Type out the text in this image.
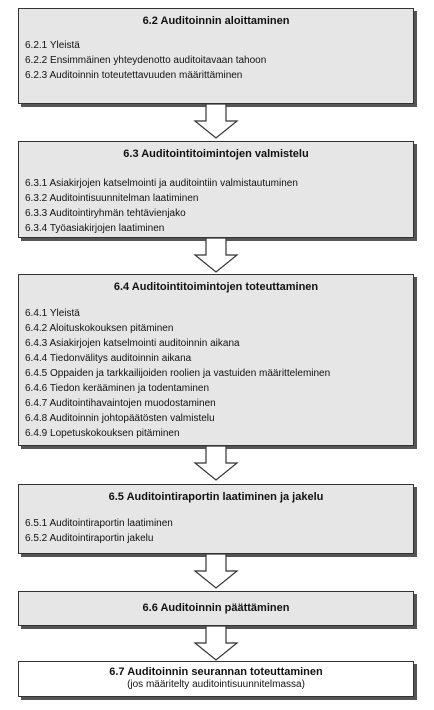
6.2 Auditoinnin aloittaminen
6.2.1 Yleistä
6.2.2 Ensimmäinen yhteydenotto auditoitavaan tahoon
6.2.3 Auditoinnin toteutettavuuden määrittäminen
6.3 Auditointitoimintojen valmistelu
6.3.1 Asiakirjojen katselmointi ja auditointiin valmistautuminen
6.3.2 Auditointisuunnitelman laatiminen
6.3.3 Auditointiryhmän tehtävienjako
6.3.4 Työasiakirjojen laatiminen
6.4 Auditointitoimintojen toteuttaminen
6.4.1 Yleistä
6.4.2 Aloituskokouksen pitäminen
6.4.3 Asiakirjojen katselmointi auditoinnin aikana
6.4.4 Tiedonvälitys auditoinnin aikana
6.4.5 Oppaiden ja tarkkailijoiden roolien ja vastuiden määritteleminen
6.4.6 Tiedon kerääminen ja todentaminen
6.4.7 Auditointihavaintojen muodostaminen
6.4.8 Auditoinnin johtopäätösten valmistelu
6.4.9 Lopetuskokouksen pitäminen
6.5 Auditointiraportin laatiminen ja jakelu
6.5.1 Auditointiraportin laatiminen
6.5.2 Auditointiraportin jakelu
6.6 Auditoinnin päättäminen
6.7 Auditoinnin seurannan toteuttaminen
(jos määritelty auditointisuunnitelmassa)
